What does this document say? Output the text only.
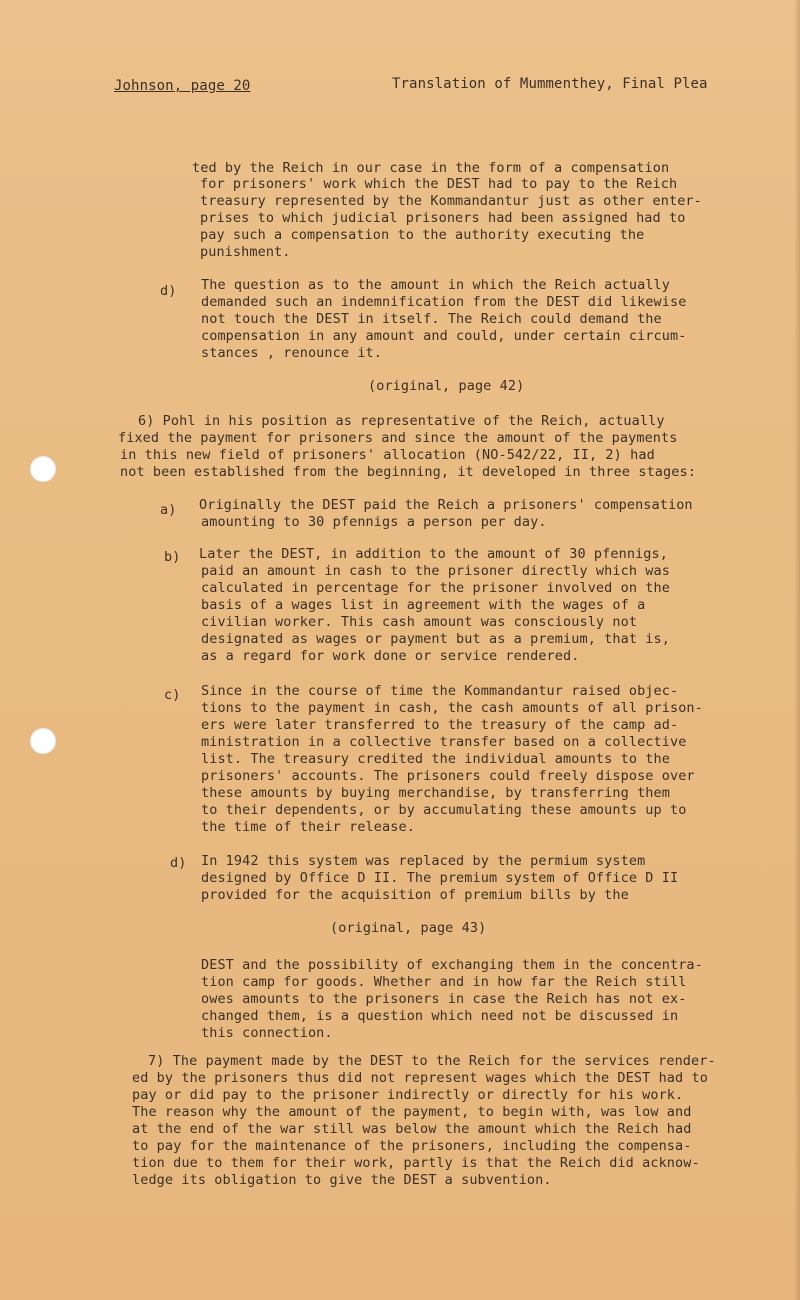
Johnson, page 20	Translation of Mummenthey, Final Plea
ted by the Reich in our case in the form of a compensation
for prisoners' work which the DEST had to pay to the Reich
treasury represented by the Kommandantur just as other enter-
prises to which judicial prisoners had been assigned had to
pay such a compensation to the authority executing the
punishment.
d) The question as to the amount in which the Reich actually
demanded such an indemnification from the DEST did likewise
not touch the DEST in itself. The Reich could demand the
compensation in any amount and could, under certain circum-
stances , renounce it.
(original, page 42)
6) Pohl in his position as representative of the Reich, actually
fixed the payment for prisoners and since the amount of the payments
in this new field of prisoners' allocation (NO-542/22, II, 2) had
not been established from the beginning, it developed in three stages:
a) Originally the DEST paid the Reich a prisoners' compensation
amounting to 30 pfennigs a person per day.
b) Later the DEST, in addition to the amount of 30 pfennigs,
paid an amount in cash to the prisoner directly which was
calculated in percentage for the prisoner involved on the
basis of a wages list in agreement with the wages of a
civilian worker. This cash amount was consciously not
designated as wages or payment but as a premium, that is,
as a regard for work done or service rendered.
c) Since in the course of time the Kommandantur raised objec-
tions to the payment in cash, the cash amounts of all prison-
ers were later transferred to the treasury of the camp ad-
ministration in a collective transfer based on a collective
list. The treasury credited the individual amounts to the
prisoners' accounts. The prisoners could freely dispose over
these amounts by buying merchandise, by transferring them
to their dependents, or by accumulating these amounts up to
the time of their release.
d) In 1942 this system was replaced by the permium system
designed by Office D II. The premium system of Office D II
provided for the acquisition of premium bills by the
(original, page 43)
DEST and the possibility of exchanging them in the concentra-
tion camp for goods. Whether and in how far the Reich still
owes amounts to the prisoners in case the Reich has not ex-
changed them, is a question which need not be discussed in
this connection.
7) The payment made by the DEST to the Reich for the services render-
ed by the prisoners thus did not represent wages which the DEST had to
pay or did pay to the prisoner indirectly or directly for his work.
The reason why the amount of the payment, to begin with, was low and
at the end of the war still was below the amount which the Reich had
to pay for the maintenance of the prisoners, including the compensa-
tion due to them for their work, partly is that the Reich did acknow-
ledge its obligation to give the DEST a subvention.
